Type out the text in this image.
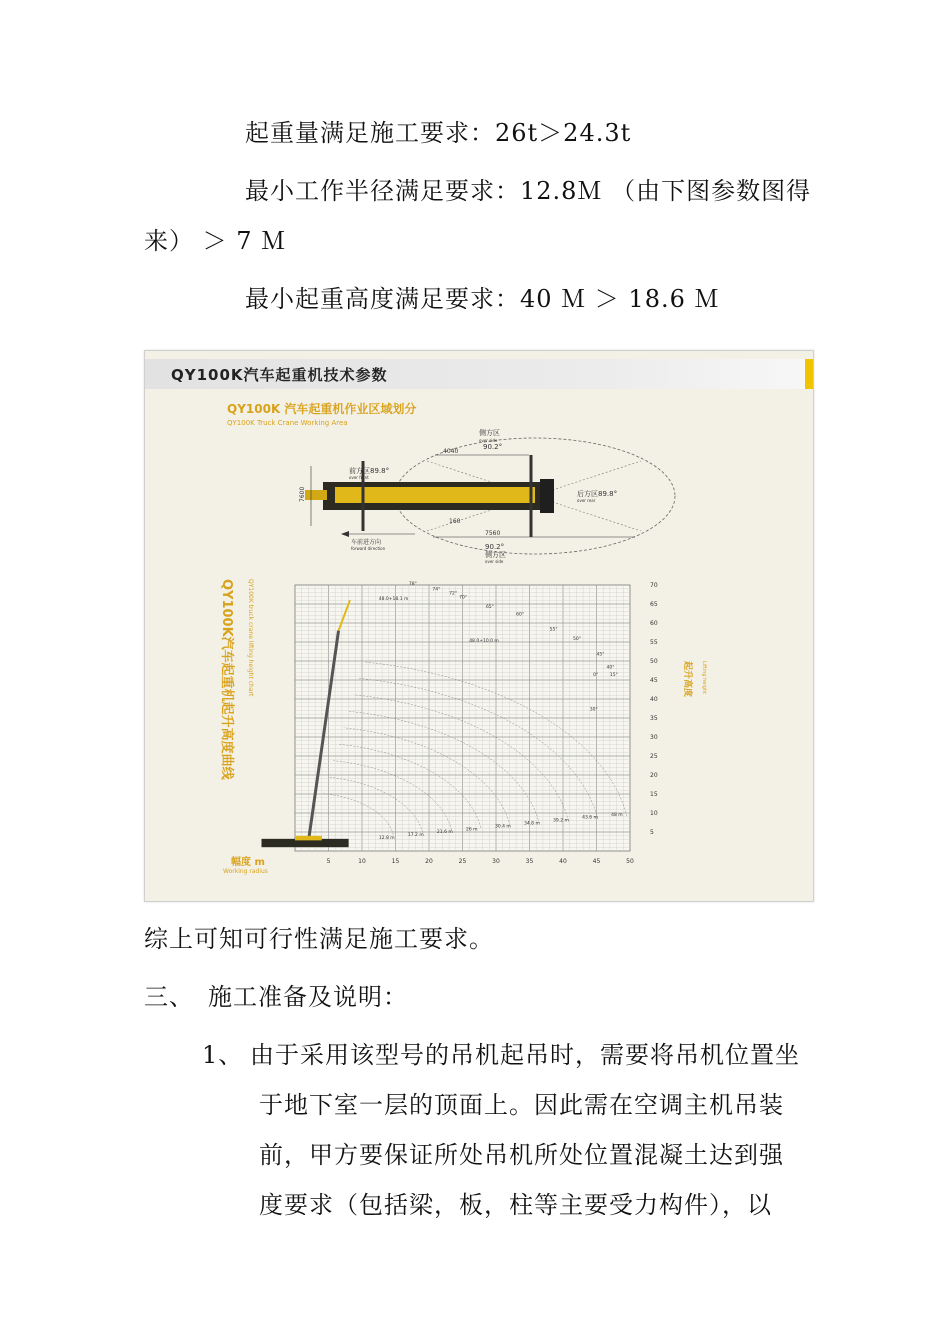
起重量满足施工要求：26t＞24.3t
最小工作半径满足要求：12.8Ｍ （由下图参数图得
来） ＞ 7 Ｍ
最小起重高度满足要求：40 Ｍ ＞ 18.6 Ｍ
QY100K汽车起重机技术参数
QY100K 汽车起重机作业区域划分
QY100K Truck Crane Working Area
侧方区
over side
90.2°
4040
前方区89.8°
over front
后方区89.8°
over rear
7600
160
7560
车前进方向
forward direction	90.2°
侧方区
over side
QY100K汽车起重机起升高度曲线 QY100K truck crane lifting height chart	起升高度	Lifting height
幅度 m
Working radius
5	10	15	20	25	30	35	40	45	50
5
10
15
20
25
30
35
40
45
50
55
60
65
70
12.8 m
17.2 m
21.6 m
26 m
30.4 m
34.8 m
39.2 m
43.6 m
48 m
48.0+18.1 m
48.0+10.0 m
78°
74°
72°
70°
65°
60°
55°
50°
45°
40°
30°
15°
0°
综上可知可行性满足施工要求。
三、 施工准备及说明：
1、 由于采用该型号的吊机起吊时，需要将吊机位置坐
于地下室一层的顶面上。因此需在空调主机吊装
前，甲方要保证所处吊机所处位置混凝土达到强
度要求（包括梁，板，柱等主要受力构件），以
